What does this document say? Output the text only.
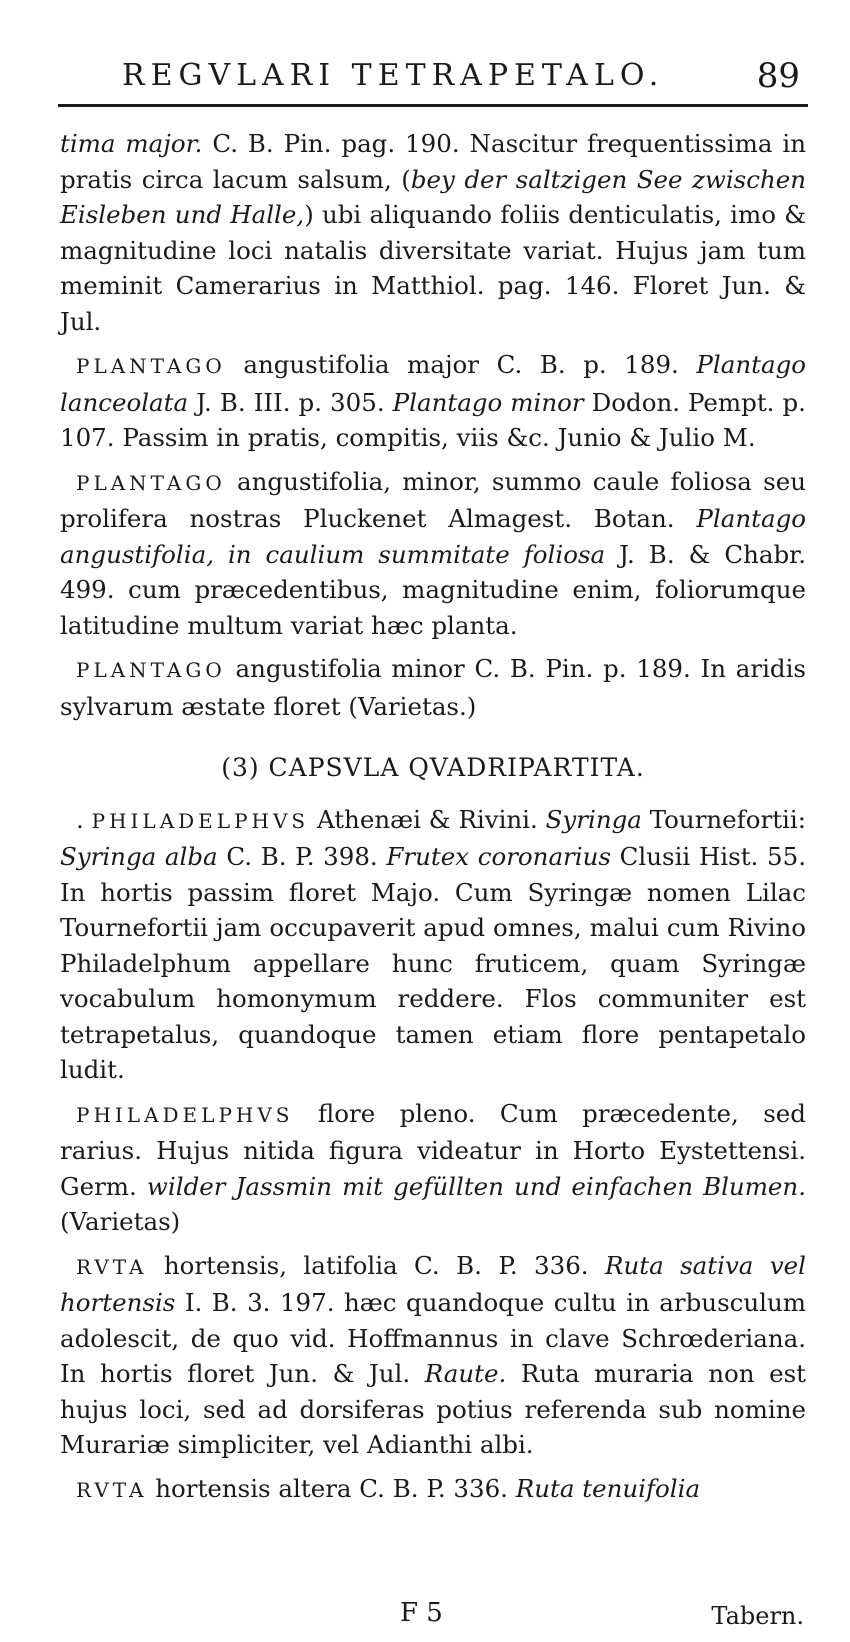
REGVLARI TETRAPETALO.	89

tima major. C. B. Pin. pag. 190. Nascitur frequentissima in pratis circa lacum salsum, (bey der saltzigen See zwischen Eisleben und Halle,) ubi aliquando foliis denticulatis, imo & magnitudine loci natalis diversitate variat. Hujus jam tum meminit Camerarius in Matthiol. pag. 146. Floret Jun. & Jul.

PLANTAGO angustifolia major C. B. p. 189. Plantago lanceolata J. B. III. p. 305. Plantago minor Dodon. Pempt. p. 107. Passim in pratis, compitis, viis &c. Junio & Julio M.

PLANTAGO angustifolia, minor, summo caule foliosa seu prolifera nostras Pluckenet Almagest. Botan. Plantago angustifolia, in caulium summitate foliosa J. B. & Chabr. 499. cum præcedentibus, magnitudine enim, foliorumque latitudine multum variat hæc planta.

PLANTAGO angustifolia minor C. B. Pin. p. 189. In aridis sylvarum æstate floret (Varietas.)

(3) CAPSVLA QVADRIPARTITA.

. PHILADELPHVS Athenæi & Rivini. Syringa Tournefortii: Syringa alba C. B. P. 398. Frutex coronarius Clusii Hist. 55. In hortis passim floret Majo. Cum Syringæ nomen Lilac Tournefortii jam occupaverit apud omnes, malui cum Rivino Philadelphum appellare hunc fruticem, quam Syringæ vocabulum homonymum reddere. Flos communiter est tetrapetalus, quandoque tamen etiam flore pentapetalo ludit.

PHILADELPHVS flore pleno. Cum præcedente, sed rarius. Hujus nitida figura videatur in Horto Eystettensi. Germ. wilder Jassmin mit gefüllten und einfachen Blumen. (Varietas)

RVTA hortensis, latifolia C. B. P. 336. Ruta sativa vel hortensis I. B. 3. 197. hæc quandoque cultu in arbusculum adolescit, de quo vid. Hoffmannus in clave Schrœderiana. In hortis floret Jun. & Jul. Raute. Ruta muraria non est hujus loci, sed ad dorsiferas potius referenda sub nomine Murariæ simpliciter, vel Adianthi albi.

RVTA hortensis altera C. B. P. 336. Ruta tenuifolia

F 5	Tabern.
